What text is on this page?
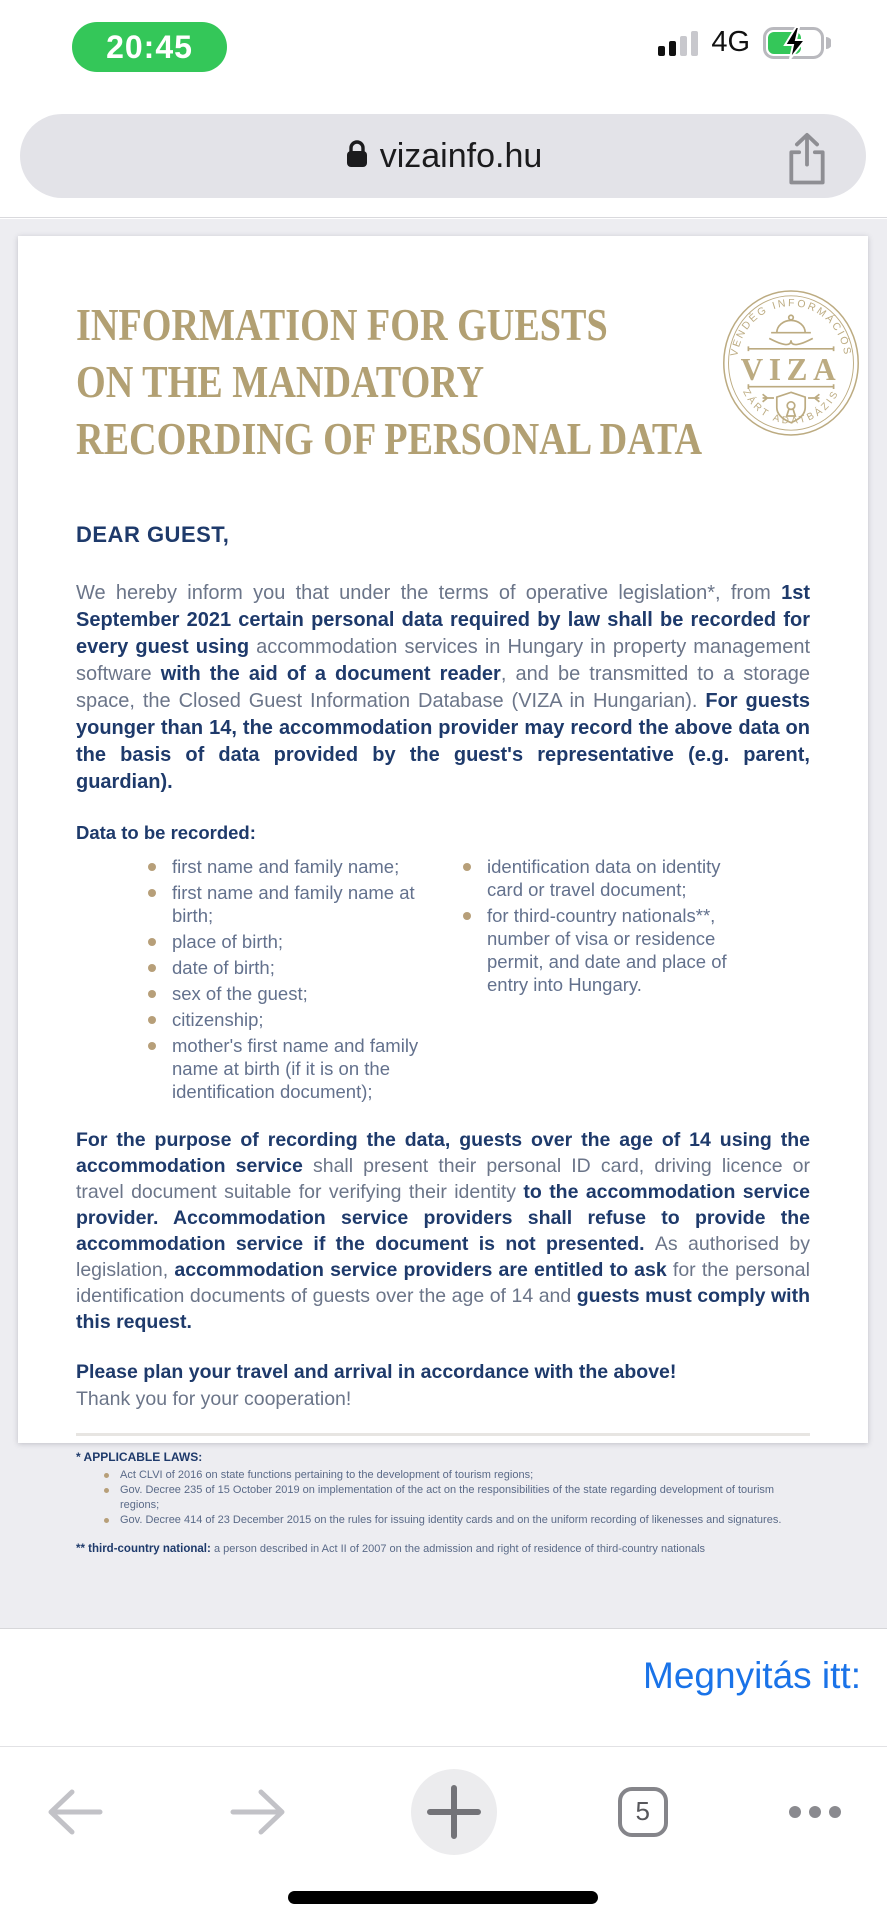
20:45	4G
vizainfo.hu
INFORMATION FOR GUESTS
ON THE MANDATORY
RECORDING OF PERSONAL DATA
VENDÉG INFORMÁCIÓS
ZÁRT ADATBÁZIS
VIZA
DEAR GUEST,
We hereby inform you that under the terms of operative legislation*, from 1st September 2021 certain personal data required by law shall be recorded for every guest using accommodation services in Hungary in property management software with the aid of a document reader, and be transmitted to a storage space, the Closed Guest Information Database (VIZA in Hungarian). For guests younger than 14, the accommodation provider may record the above data on the basis of data provided by the guest's representative (e.g. parent, guardian).
Data to be recorded:
first name and family name;
first name and family name at birth;
place of birth;
date of birth;
sex of the guest;
citizenship;
mother's first name and family name at birth (if it is on the identification document);
identification data on identity card or travel document;
for third-country nationals**, number of visa or residence permit, and date and place of entry into Hungary.
For the purpose of recording the data, guests over the age of 14 using the accommodation service shall present their personal ID card, driving licence or travel document suitable for verifying their identity to the accommodation service provider. Accommodation service providers shall refuse to provide the accommodation service if the document is not presented. As authorised by legislation, accommodation service providers are entitled to ask for the personal identification documents of guests over the age of 14 and guests must comply with this request.
Please plan your travel and arrival in accordance with the above!
Thank you for your cooperation!
* APPLICABLE LAWS:
Act CLVI of 2016 on state functions pertaining to the development of tourism regions;
Gov. Decree 235 of 15 October 2019 on implementation of the act on the responsibilities of the state regarding development of tourism regions;
Gov. Decree 414 of 23 December 2015 on the rules for issuing identity cards and on the uniform recording of likenesses and signatures.
** third-country national: a person described in Act II of 2007 on the admission and right of residence of third-country nationals
Megnyitás itt:
5
